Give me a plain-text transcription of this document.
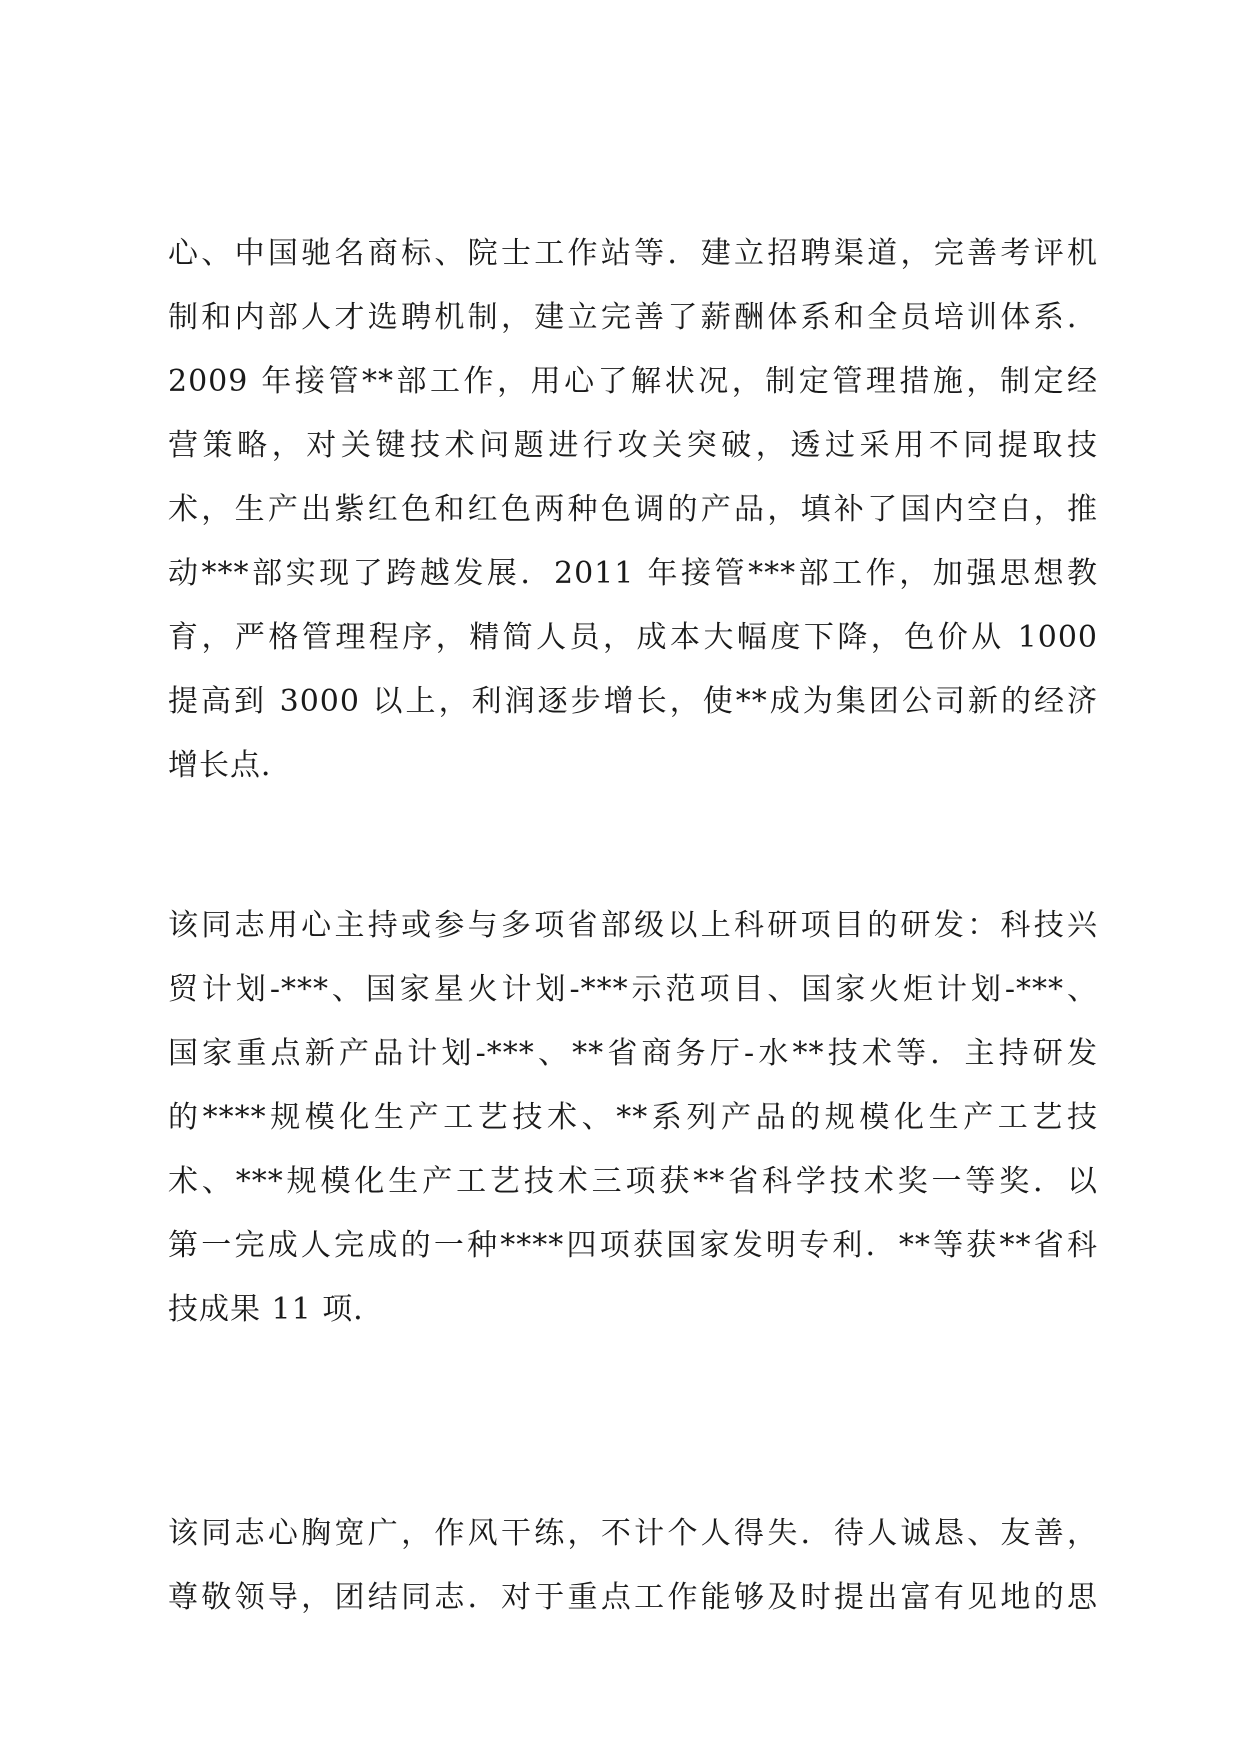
心、中国驰名商标、院士工作站等．建立招聘渠道，完善考评机
制和内部人才选聘机制，建立完善了薪酬体系和全员培训体系．
2009 年接管**部工作，用心了解状况，制定管理措施，制定经
营策略，对关键技术问题进行攻关突破，透过采用不同提取技
术，生产出紫红色和红色两种色调的产品，填补了国内空白，推
动***部实现了跨越发展．2011 年接管***部工作，加强思想教
育，严格管理程序，精简人员，成本大幅度下降，色价从 1000
提高到 3000 以上，利润逐步增长，使**成为集团公司新的经济
增长点．
该同志用心主持或参与多项省部级以上科研项目的研发：科技兴
贸计划-***、国家星火计划-***示范项目、国家火炬计划-***、
国家重点新产品计划-***、**省商务厅-水**技术等．主持研发
的****规模化生产工艺技术、**系列产品的规模化生产工艺技
术、***规模化生产工艺技术三项获**省科学技术奖一等奖．以
第一完成人完成的一种****四项获国家发明专利．**等获**省科
技成果 11 项．
该同志心胸宽广，作风干练，不计个人得失．待人诚恳、友善，
尊敬领导，团结同志．对于重点工作能够及时提出富有见地的思
